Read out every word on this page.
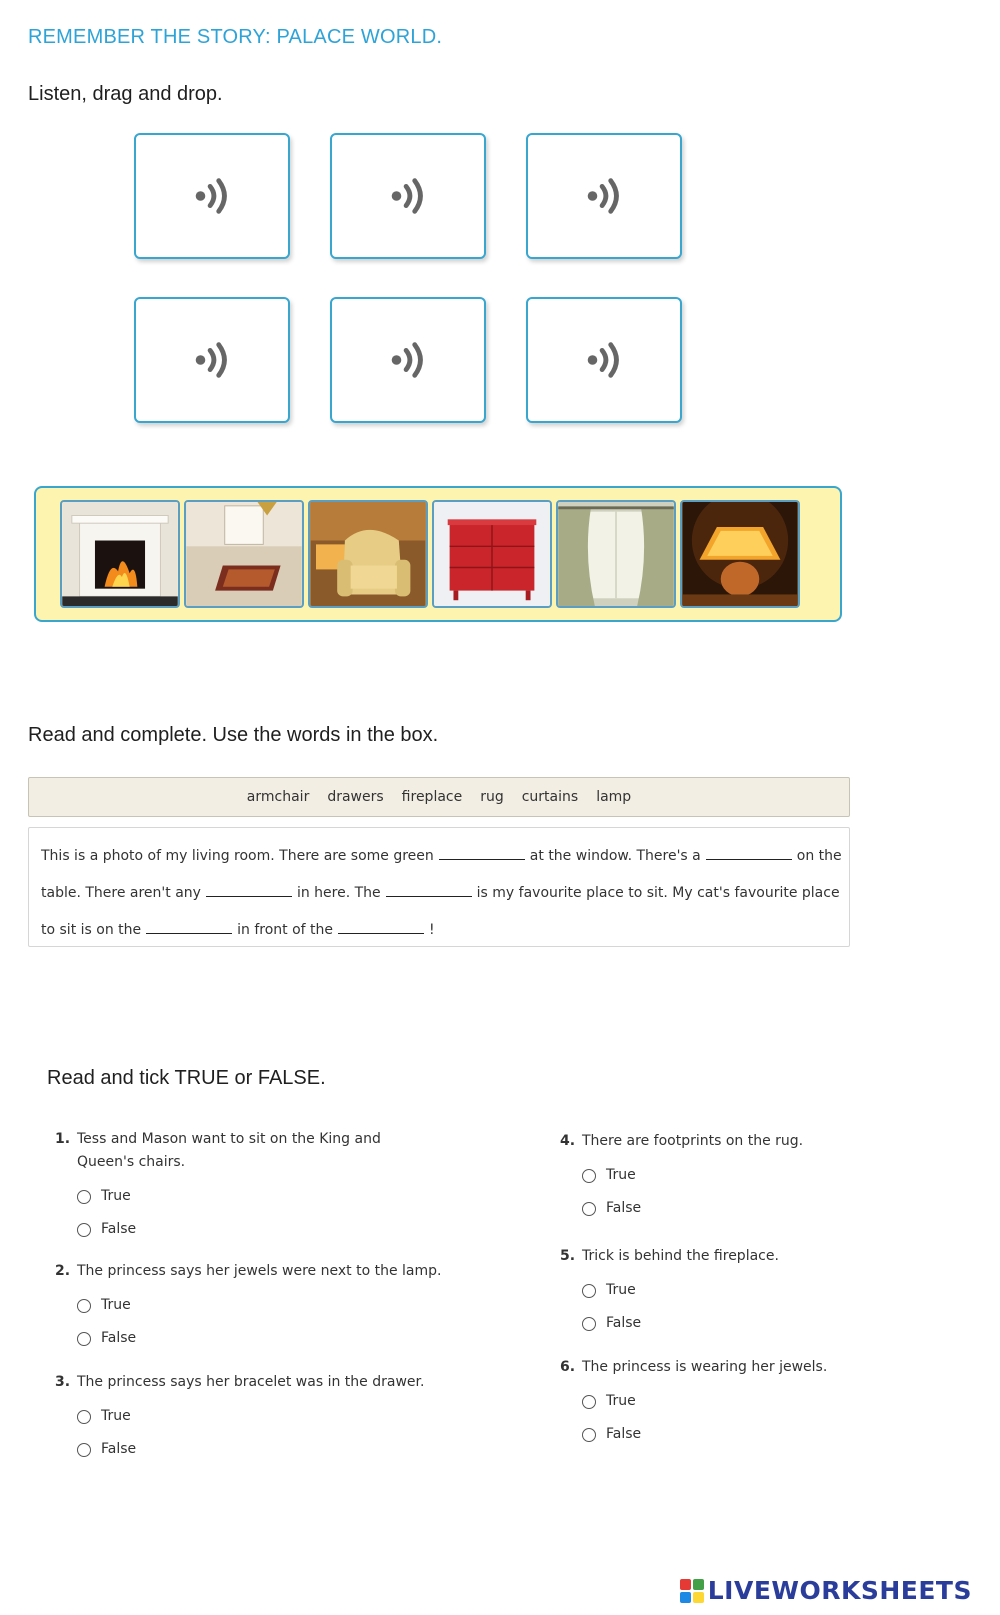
REMEMBER THE STORY: PALACE WORLD.
Listen, drag and drop.
Read and complete. Use the words in the box.
armchair drawers fireplace rug curtains lamp
This is a photo of my living room. There are some green	at the window. There's a	on the
table. There aren't any	in here. The	is my favourite place to sit. My cat's favourite place
to sit is on the	in front of the	!
Read and tick TRUE or FALSE.
1. Tess and Mason want to sit on the King and Queen's chairs.
True
False
2. The princess says her jewels were next to the lamp.
True
False
3. The princess says her bracelet was in the drawer.
True
False
4. There are footprints on the rug.
True
False
5. Trick is behind the fireplace.
True
False
6. The princess is wearing her jewels.
True
False
LIVEWORKSHEETS
